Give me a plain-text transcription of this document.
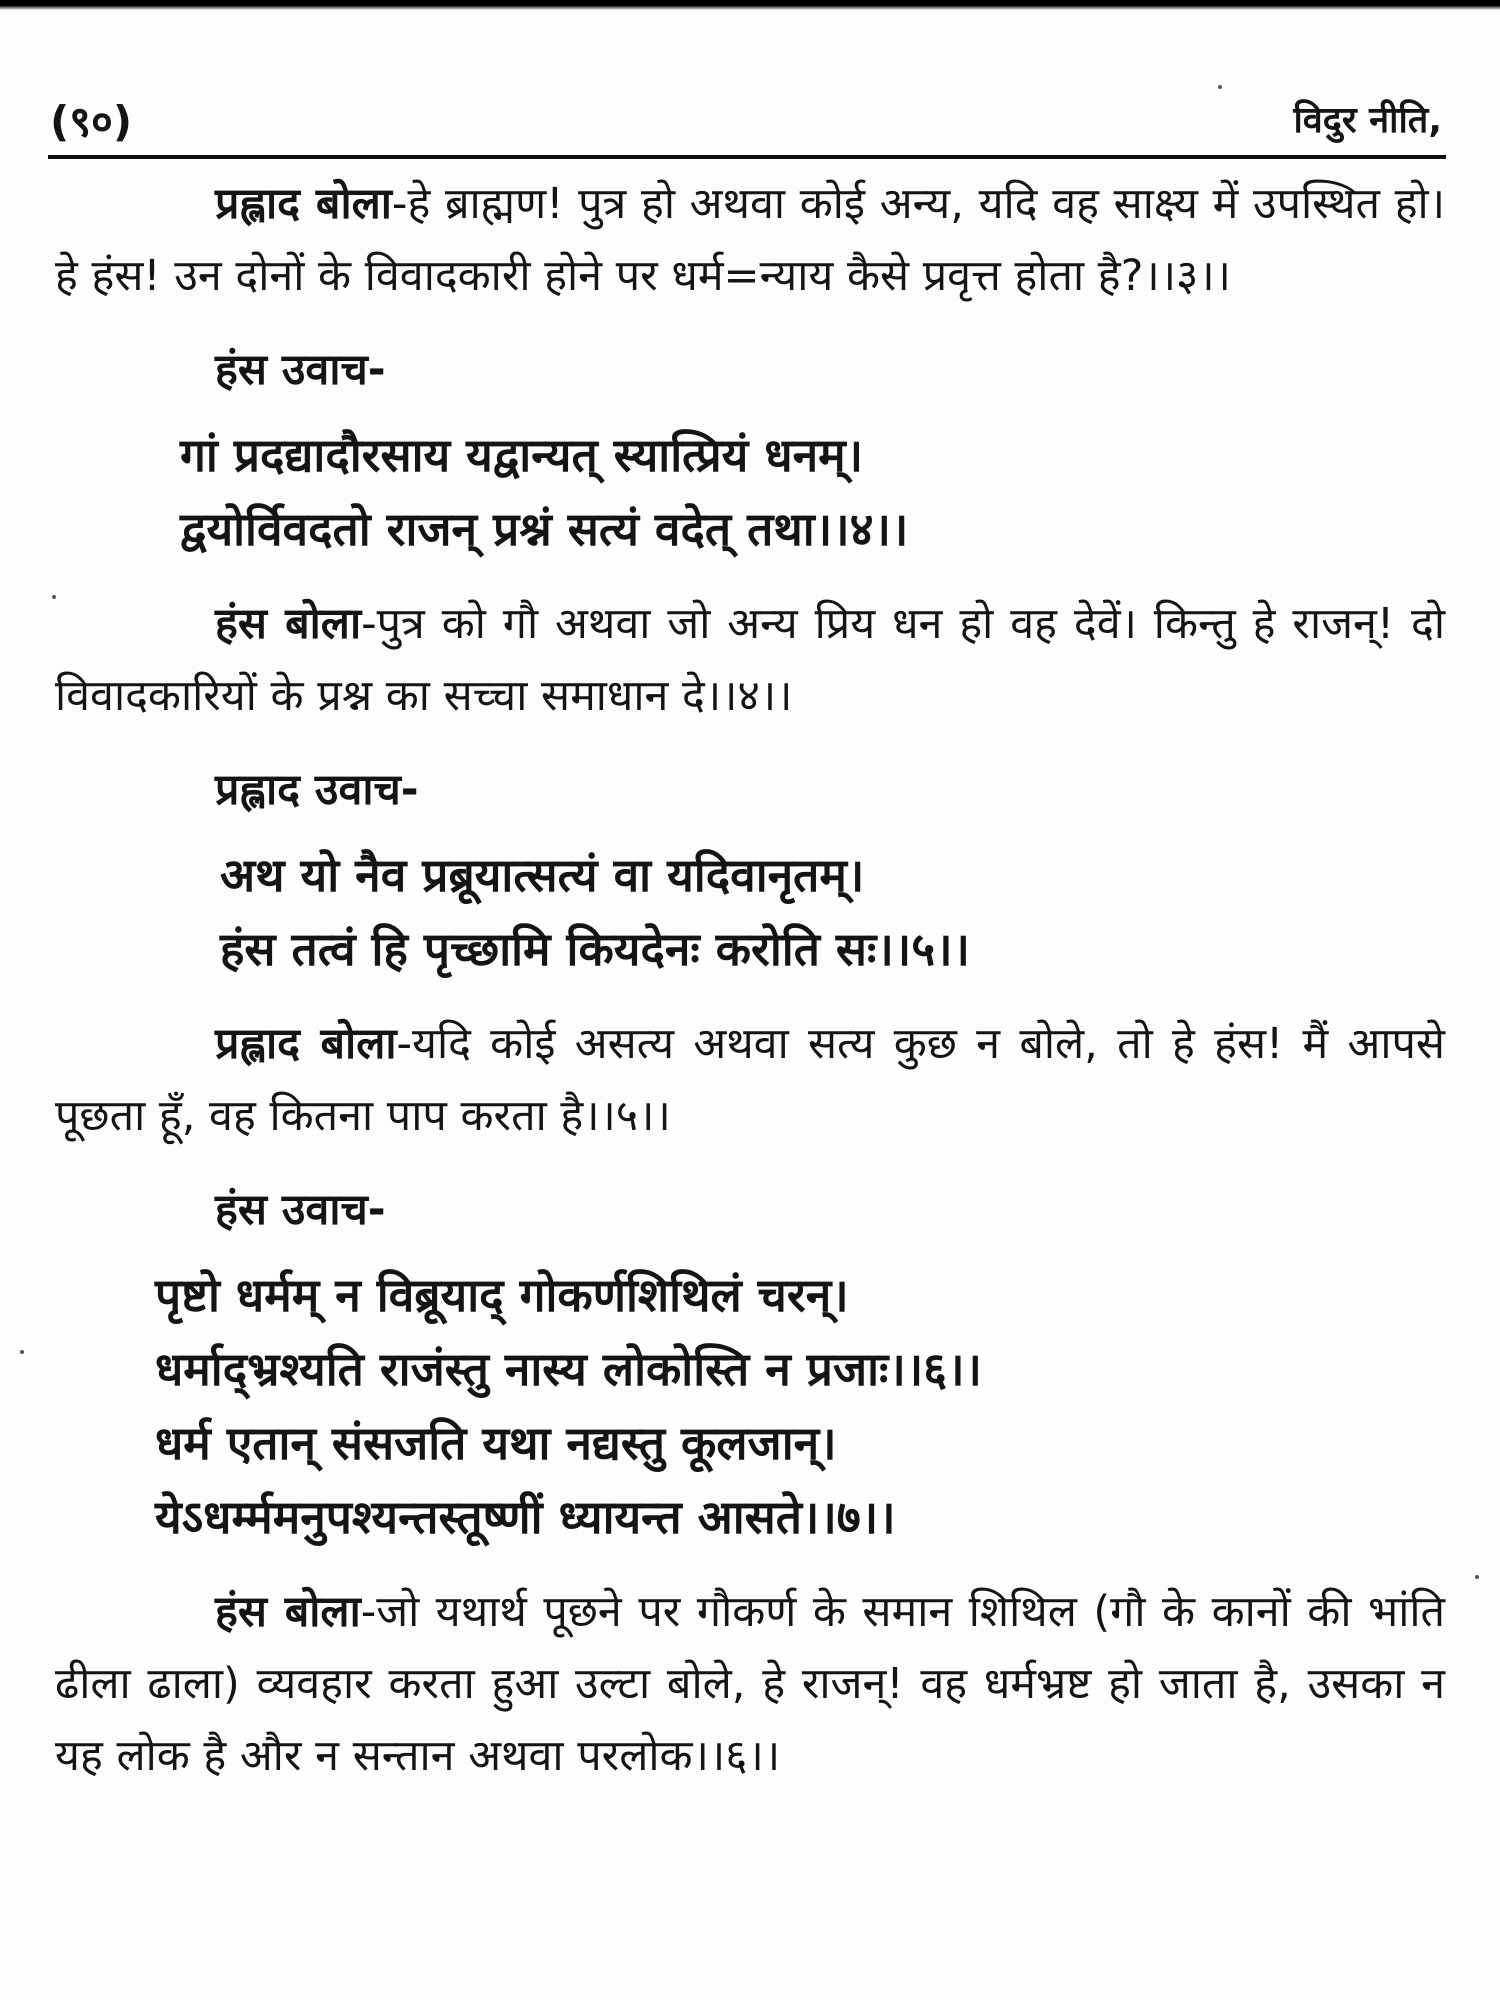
(९०)	विदुर नीति,

प्रह्लाद बोला-हे ब्राह्मण! पुत्र हो अथवा कोई अन्य, यदि वह साक्ष्य में उपस्थित हो। हे हंस! उन दोनों के विवादकारी होने पर धर्म=न्याय कैसे प्रवृत्त होता है?।।३।।

हंस उवाच-
गां प्रदद्यादौरसाय यद्वान्यत् स्यात्प्रियं धनम्।
द्वयोर्विवदतो राजन् प्रश्नं सत्यं वदेत् तथा।।४।।

हंस बोला-पुत्र को गौ अथवा जो अन्य प्रिय धन हो वह देवें। किन्तु हे राजन्! दो विवादकारियों के प्रश्न का सच्चा समाधान दे।।४।।

प्रह्लाद उवाच-
अथ यो नैव प्रब्रूयात्सत्यं वा यदिवानृतम्।
हंस तत्वं हि पृच्छामि कियदेनः करोति सः।।५।।

प्रह्लाद बोला-यदि कोई असत्य अथवा सत्य कुछ न बोले, तो हे हंस! मैं आपसे पूछता हूँ, वह कितना पाप करता है।।५।।

हंस उवाच-
पृष्टो धर्मम् न विब्रूयाद् गोकर्णशिथिलं चरन्।
धर्माद्भ्रश्यति राजंस्तु नास्य लोकोस्ति न प्रजाः।।६।।
धर्म एतान् संसजति यथा नद्यस्तु कूलजान्।
येऽधर्म्ममनुपश्यन्तस्तूष्णीं ध्यायन्त आसते।।७।।

हंस बोला-जो यथार्थ पूछने पर गौकर्ण के समान शिथिल (गौ के कानों की भांति ढीला ढाला) व्यवहार करता हुआ उल्टा बोले, हे राजन्! वह धर्मभ्रष्ट हो जाता है, उसका न यह लोक है और न सन्तान अथवा परलोक।।६।।
